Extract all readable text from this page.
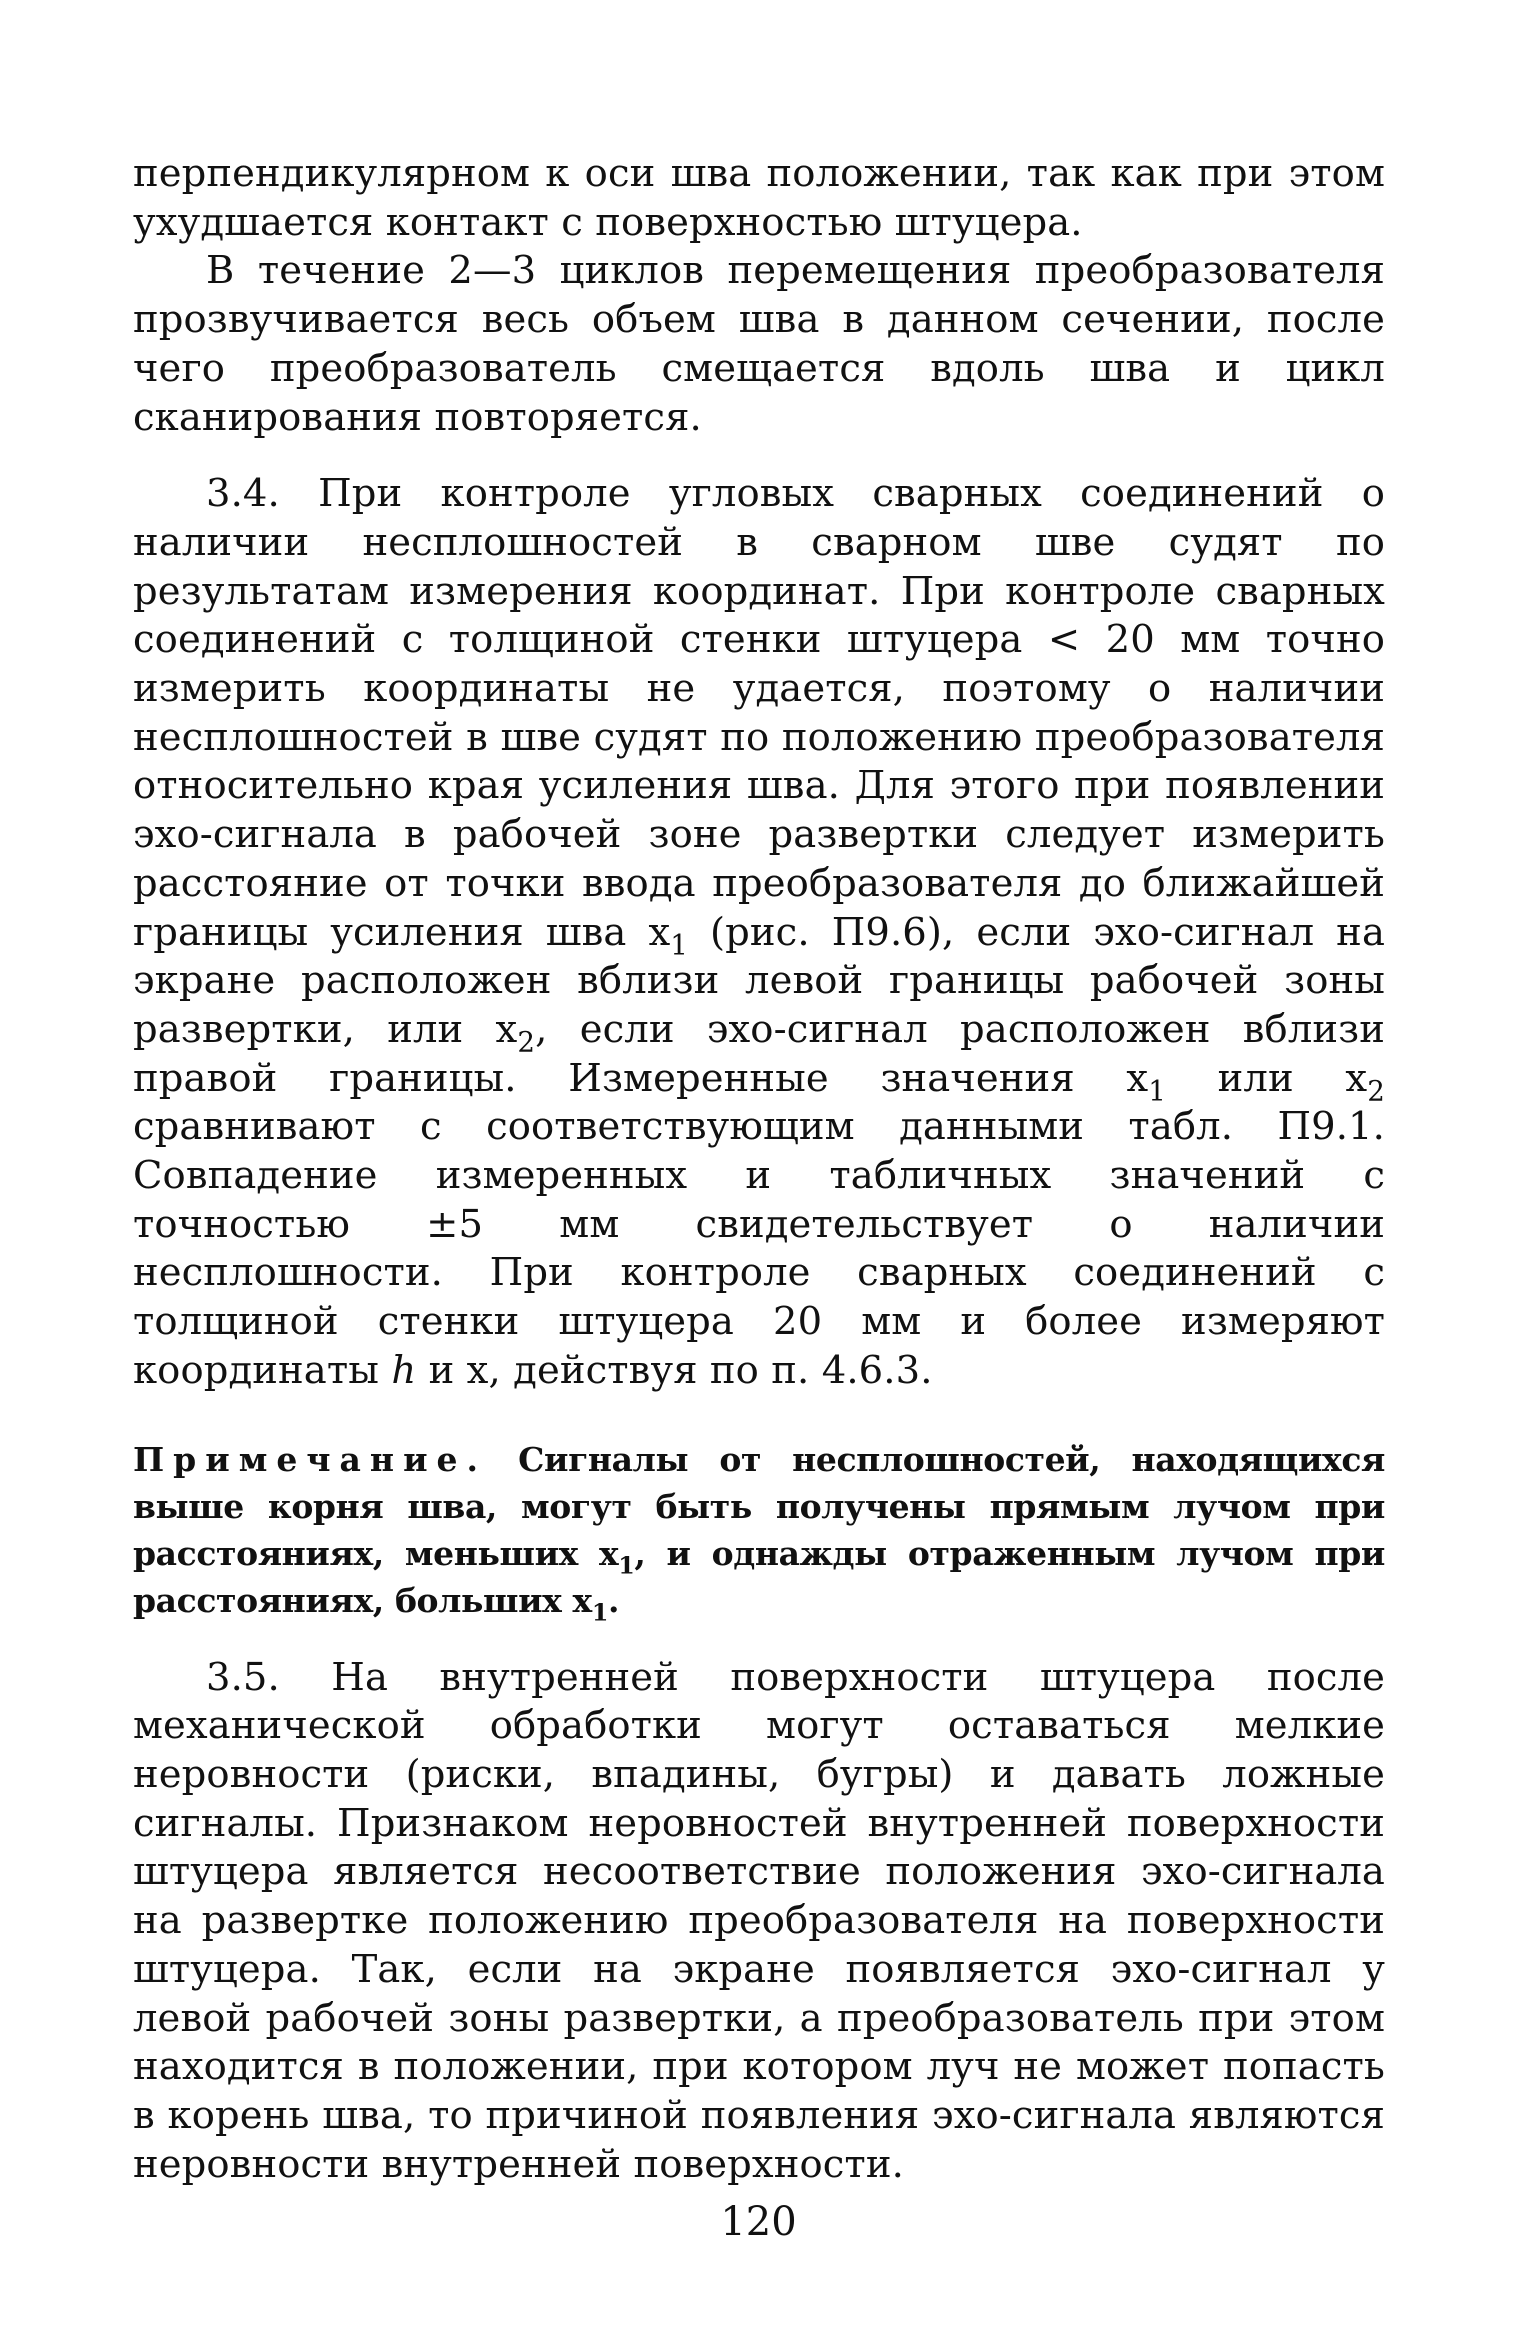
перпендикулярном к оси шва положении, так как при этом ухудшается контакт с поверхностью штуцера.

В течение 2—3 циклов перемещения преобразователя прозвучивается весь объем шва в данном сечении, после чего преобразователь смещается вдоль шва и цикл сканирования повторяется.

3.4. При контроле угловых сварных соединений о наличии несплошностей в сварном шве судят по результатам измерения координат. При контроле сварных соединений с толщиной стенки штуцера < 20 мм точно измерить координаты не удается, поэтому о наличии несплошностей в шве судят по положению преобразователя относительно края усиления шва. Для этого при появлении эхо-сигнала в рабочей зоне развертки следует измерить расстояние от точки ввода преобразователя до ближайшей границы усиления шва $х_1$ (рис. П9.6), если эхо-сигнал на экране расположен вблизи левой границы рабочей зоны развертки, или $х_2$, если эхо-сигнал расположен вблизи правой границы. Измеренные значения $х_1$ или $х_2$ сравнивают с соответствующим данными табл. П9.1. Совпадение измеренных и табличных значений с точностью ±5 мм свидетельствует о наличии несплошности. При контроле сварных соединений с толщиной стенки штуцера 20 мм и более измеряют координаты h и х, действуя по п. 4.6.3.

Примечание. Сигналы от несплошностей, находящихся выше корня шва, могут быть получены прямым лучом при расстояниях, меньших $х_1$, и однажды отраженным лучом при расстояниях, больших $х_1$.

3.5. На внутренней поверхности штуцера после механической обработки могут оставаться мелкие неровности (риски, впадины, бугры) и давать ложные сигналы. Признаком неровностей внутренней поверхности штуцера является несоответствие положения эхо-сигнала на развертке положению преобразователя на поверхности штуцера. Так, если на экране появляется эхо-сигнал у левой рабочей зоны развертки, а преобразователь при этом находится в положении, при котором луч не может попасть в корень шва, то причиной появления эхо-сигнала являются неровности внутренней поверхности.

120
